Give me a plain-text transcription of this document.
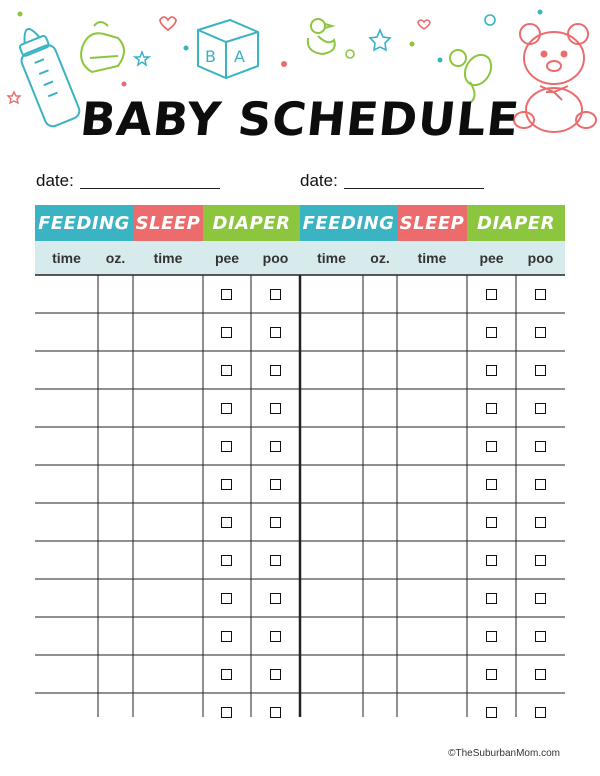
B A
BABY SCHEDULE
date:	date:
FEEDING SLEEP DIAPER FEEDING SLEEP DIAPER
time	oz.	time	pee	poo	time	oz.	time	pee	poo
©TheSuburbanMom.com
